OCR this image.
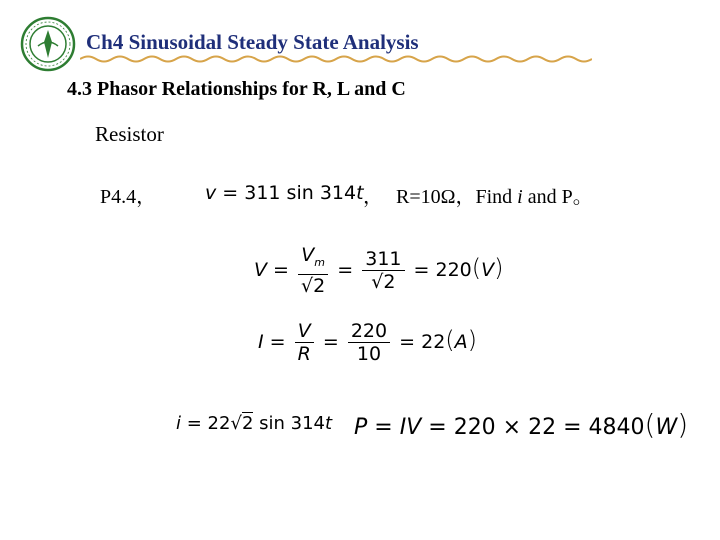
Ch4 Sinusoidal Steady State Analysis
4.3 Phasor Relationships for R, L and C
Resistor
P4.4，	v = 311 sin 314t ， R=10Ω，Find i and P。
$V = \frac{V_m}{√2} = \frac{311}{√2} = 220(V)$
$I = \frac{V}{R} = \frac{220}{10} = 22(A)$
i = 22√2 sin 314t P = IV = 220 × 22 = 4840(W)
